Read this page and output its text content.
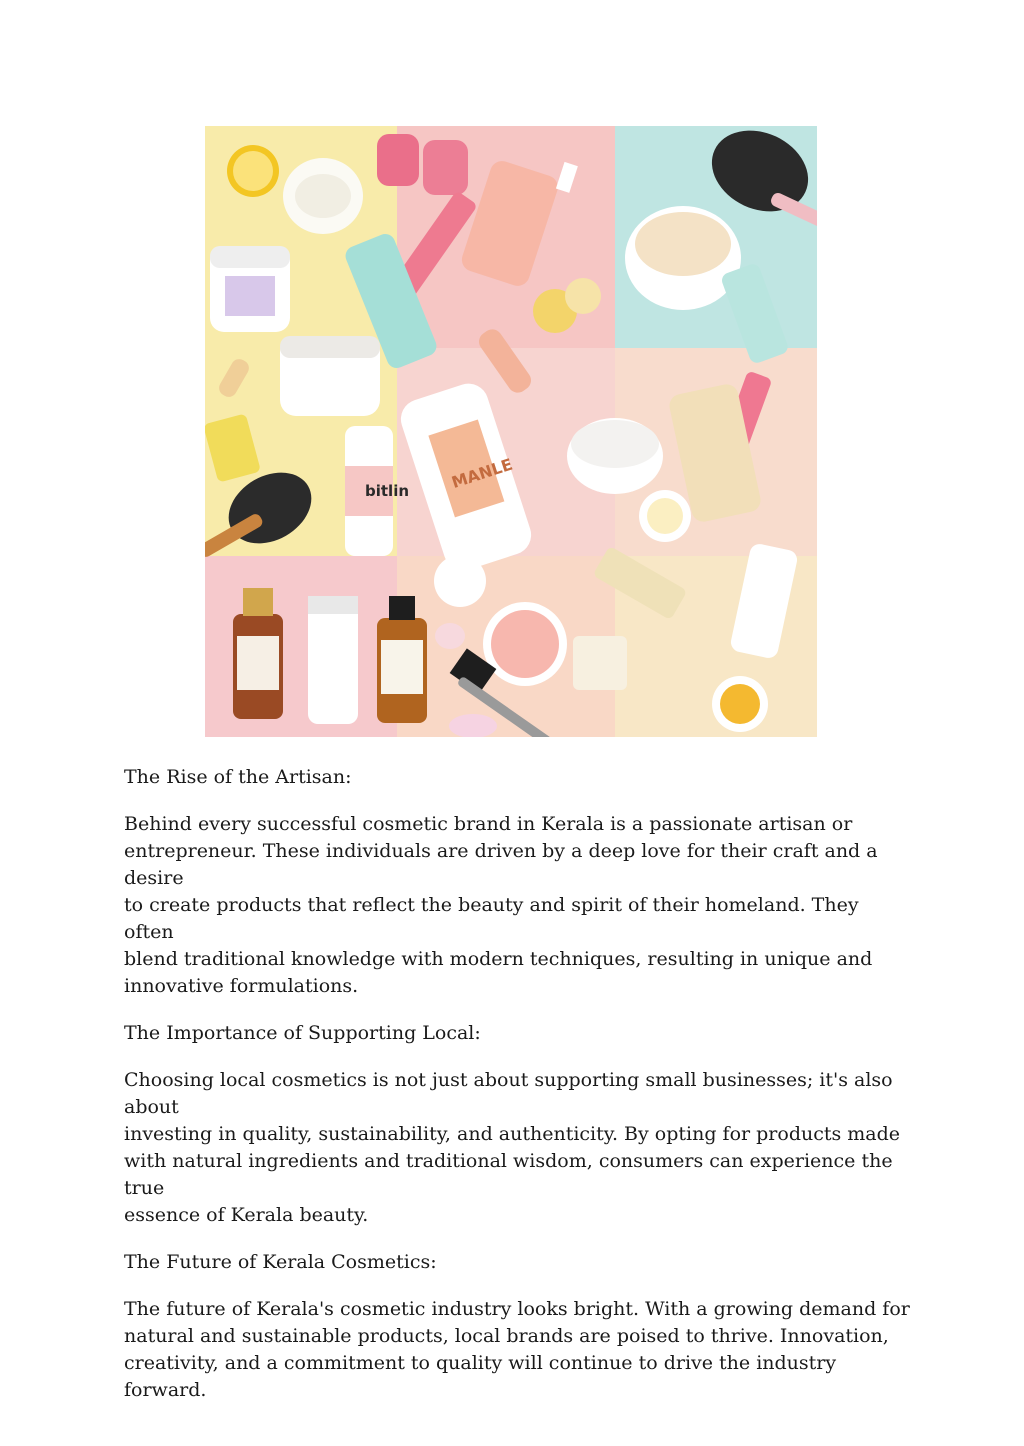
bitlin	MANLE

The Rise of the Artisan:

Behind every successful cosmetic brand in Kerala is a passionate artisan or
entrepreneur. These individuals are driven by a deep love for their craft and a desire
to create products that reflect the beauty and spirit of their homeland. They often
blend traditional knowledge with modern techniques, resulting in unique and
innovative formulations.

The Importance of Supporting Local:

Choosing local cosmetics is not just about supporting small businesses; it's also about
investing in quality, sustainability, and authenticity. By opting for products made
with natural ingredients and traditional wisdom, consumers can experience the true
essence of Kerala beauty.

The Future of Kerala Cosmetics:

The future of Kerala's cosmetic industry looks bright. With a growing demand for
natural and sustainable products, local brands are poised to thrive. Innovation,
creativity, and a commitment to quality will continue to drive the industry forward.
